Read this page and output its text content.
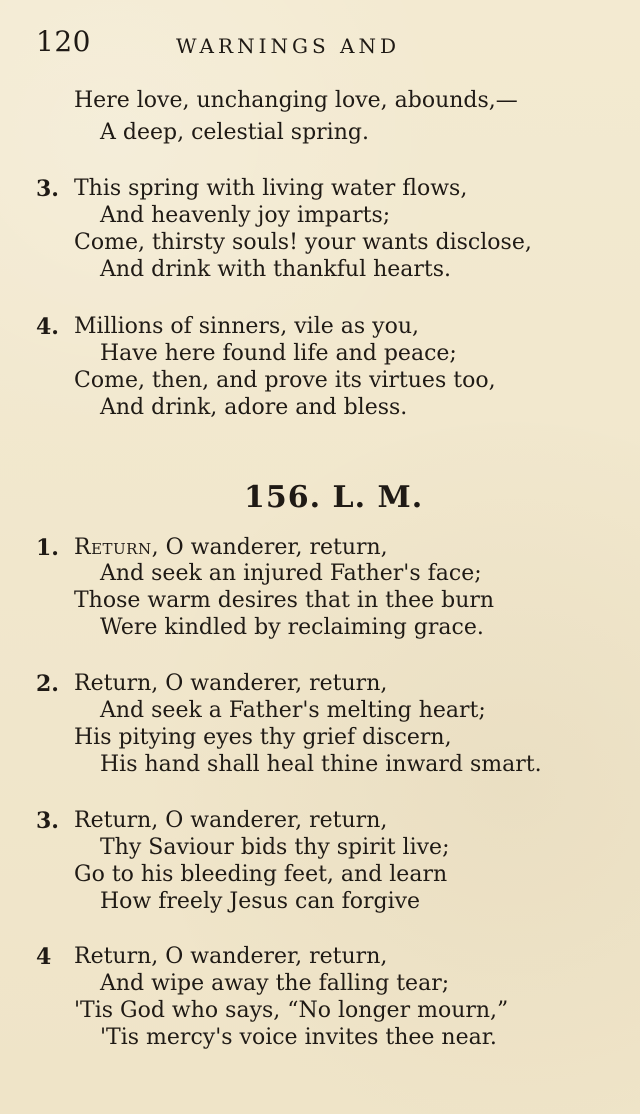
120	WARNINGS AND
Here love, unchanging love, abounds,—
A deep, celestial spring.
3. This spring with living water flows,
And heavenly joy imparts;
Come, thirsty souls! your wants disclose,
And drink with thankful hearts.
4. Millions of sinners, vile as you,
Have here found life and peace;
Come, then, and prove its virtues too,
And drink, adore and bless.
156. L. M.
1. Return, O wanderer, return,
And seek an injured Father's face;
Those warm desires that in thee burn
Were kindled by reclaiming grace.
2. Return, O wanderer, return,
And seek a Father's melting heart;
His pitying eyes thy grief discern,
His hand shall heal thine inward smart.
3. Return, O wanderer, return,
Thy Saviour bids thy spirit live;
Go to his bleeding feet, and learn
How freely Jesus can forgive
4	Return, O wanderer, return,
And wipe away the falling tear;
'Tis God who says, “No longer mourn,”
'Tis mercy's voice invites thee near.
